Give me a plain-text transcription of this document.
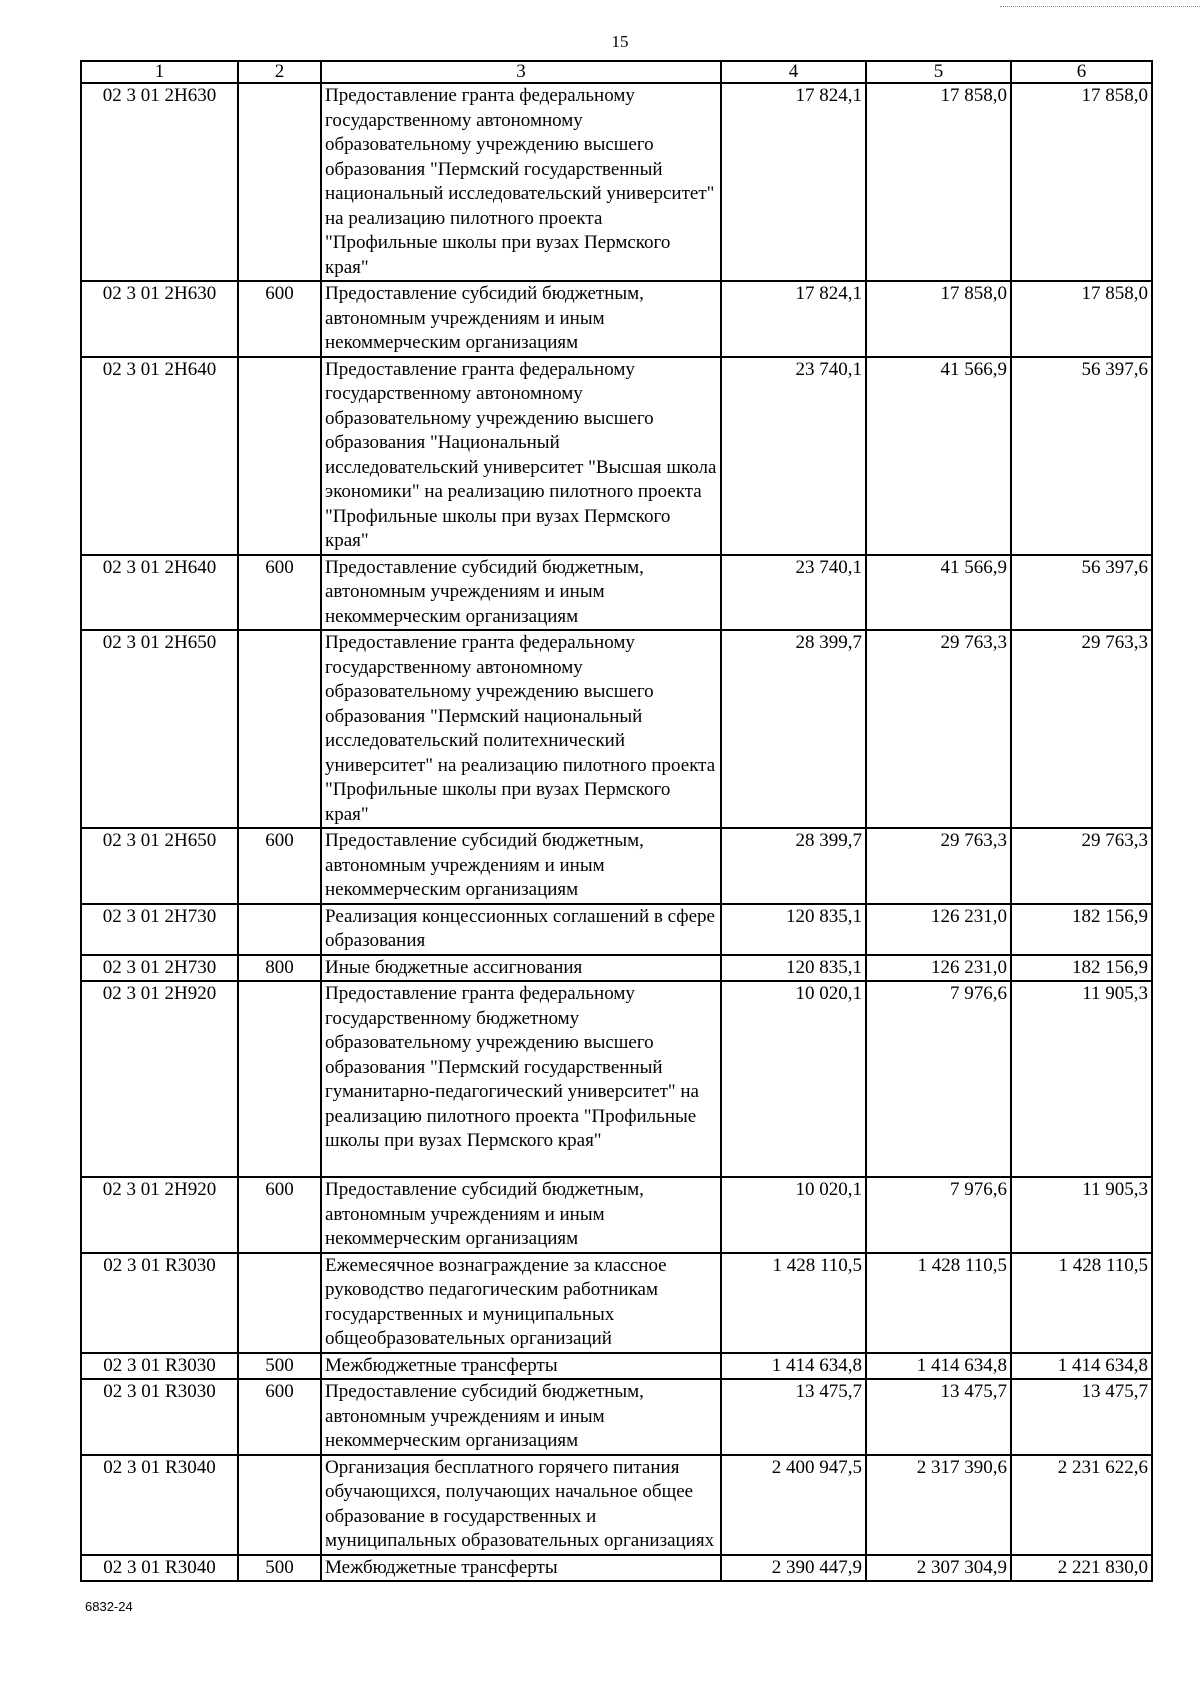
15
1	2	3	4	5	6
02 3 01 2Н630		Предоставление гранта федеральному государственному автономному образовательному учреждению высшего образования "Пермский государственный национальный исследовательский университет" на реализацию пилотного проекта "Профильные школы при вузах Пермского края"	17 824,1	17 858,0	17 858,0
02 3 01 2Н630	600	Предоставление субсидий бюджетным, автономным учреждениям и иным некоммерческим организациям	17 824,1	17 858,0	17 858,0
02 3 01 2Н640		Предоставление гранта федеральному государственному автономному образовательному учреждению высшего образования "Национальный исследовательский университет "Высшая школа экономики" на реализацию пилотного проекта "Профильные школы при вузах Пермского края"	23 740,1	41 566,9	56 397,6
02 3 01 2Н640	600	Предоставление субсидий бюджетным, автономным учреждениям и иным некоммерческим организациям	23 740,1	41 566,9	56 397,6
02 3 01 2Н650		Предоставление гранта федеральному государственному автономному образовательному учреждению высшего образования "Пермский национальный исследовательский политехнический университет" на реализацию пилотного проекта "Профильные школы при вузах Пермского края"	28 399,7	29 763,3	29 763,3
02 3 01 2Н650	600	Предоставление субсидий бюджетным, автономным учреждениям и иным некоммерческим организациям	28 399,7	29 763,3	29 763,3
02 3 01 2Н730		Реализация концессионных соглашений в сфере образования	120 835,1	126 231,0	182 156,9
02 3 01 2Н730	800	Иные бюджетные ассигнования	120 835,1	126 231,0	182 156,9
02 3 01 2Н920		Предоставление гранта федеральному государственному бюджетному образовательному учреждению высшего образования "Пермский государственный гуманитарно-педагогический университет" на реализацию пилотного проекта "Профильные школы при вузах Пермского края"	10 020,1	7 976,6	11 905,3
02 3 01 2Н920	600	Предоставление субсидий бюджетным, автономным учреждениям и иным некоммерческим организациям	10 020,1	7 976,6	11 905,3
02 3 01 R3030		Ежемесячное вознаграждение за классное руководство педагогическим работникам государственных и муниципальных общеобразовательных организаций	1 428 110,5	1 428 110,5	1 428 110,5
02 3 01 R3030	500	Межбюджетные трансферты	1 414 634,8	1 414 634,8	1 414 634,8
02 3 01 R3030	600	Предоставление субсидий бюджетным, автономным учреждениям и иным некоммерческим организациям	13 475,7	13 475,7	13 475,7
02 3 01 R3040		Организация бесплатного горячего питания обучающихся, получающих начальное общее образование в государственных и муниципальных образовательных организациях	2 400 947,5	2 317 390,6	2 231 622,6
02 3 01 R3040	500	Межбюджетные трансферты	2 390 447,9	2 307 304,9	2 221 830,0
6832-24
